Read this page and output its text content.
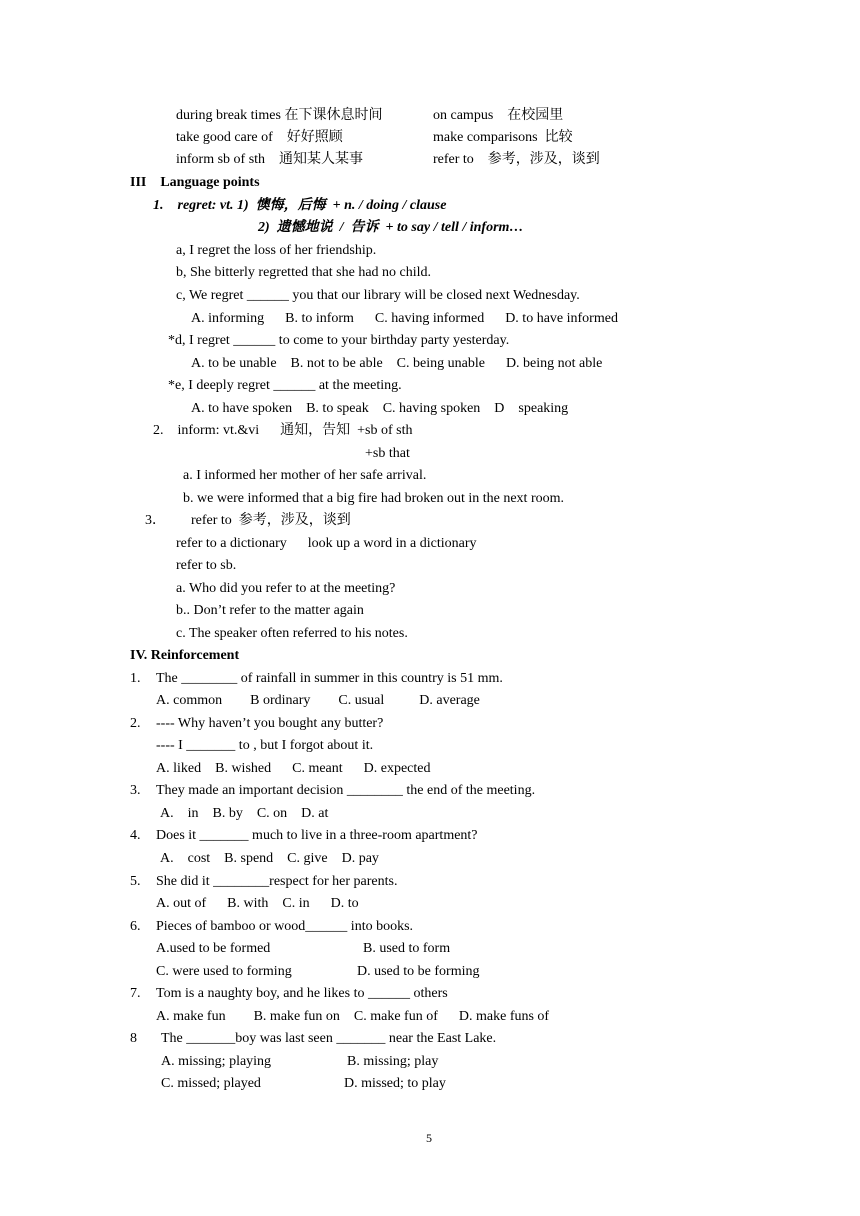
during break times 在下课休息时间	on campus　在校园里
take good care of　好好照顾	make comparisons  比较
inform sb of sth　通知某人某事	refer to　参考，涉及，谈到
III　Language points
1.　regret: vt. 1)  懊悔，后悔  + n. / doing / clause
2)  遗憾地说  /  告诉  + to say / tell / inform…
a, I regret the loss of her friendship.
b, She bitterly regretted that she had no child.
c, We regret ______ you that our library will be closed next Wednesday.
A. informing　  B. to inform　  C. having informed　  D. to have informed
*d, I regret ______ to come to your birthday party yesterday.
A. to be unable　B. not to be able　C. being unable　  D. being not able
*e, I deeply regret ______ at the meeting.
A. to have spoken　B. to speak　C. having spoken　D　speaking
2.　inform: vt.&vi　  通知，告知  +sb of sth
+sb that
a. I informed her mother of her safe arrival.
b. we were informed that a big fire had broken out in the next room.
3． refer to  参考，涉及，谈到
refer to a dictionary　  look up a word in a dictionary
refer to sb.
a. Who did you refer to at the meeting?
b.. Don’t refer to the matter again
c. The speaker often referred to his notes.
IV. Reinforcement
1. The ________ of rainfall in summer in this country is 51 mm.
A. common　　B ordinary　　C. usual　　  D. average
2. ---- Why haven’t you bought any butter?
---- I _______ to , but I forgot about it.
A. liked　B. wished　  C. meant　  D. expected
3. They made an important decision ________ the end of the meeting.
A.　in　B. by　C. on　D. at
4. Does it _______ much to live in a three-room apartment?
A.　cost　B. spend　C. give　D. pay
5. She did it ________respect for her parents.
A. out of　  B. with　C. in　  D. to
6. Pieces of bamboo or wood______ into books.
A.used to be formed	B. used to form
C. were used to forming	D. used to be forming
7. Tom is a naughty boy, and he likes to ______ others
A. make fun　　B. make fun on　C. make fun of　  D. make funs of
8 The _______boy was last seen _______ near the East Lake.
A. missing; playing	B. missing; play
C. missed; played	D. missed; to play
5
